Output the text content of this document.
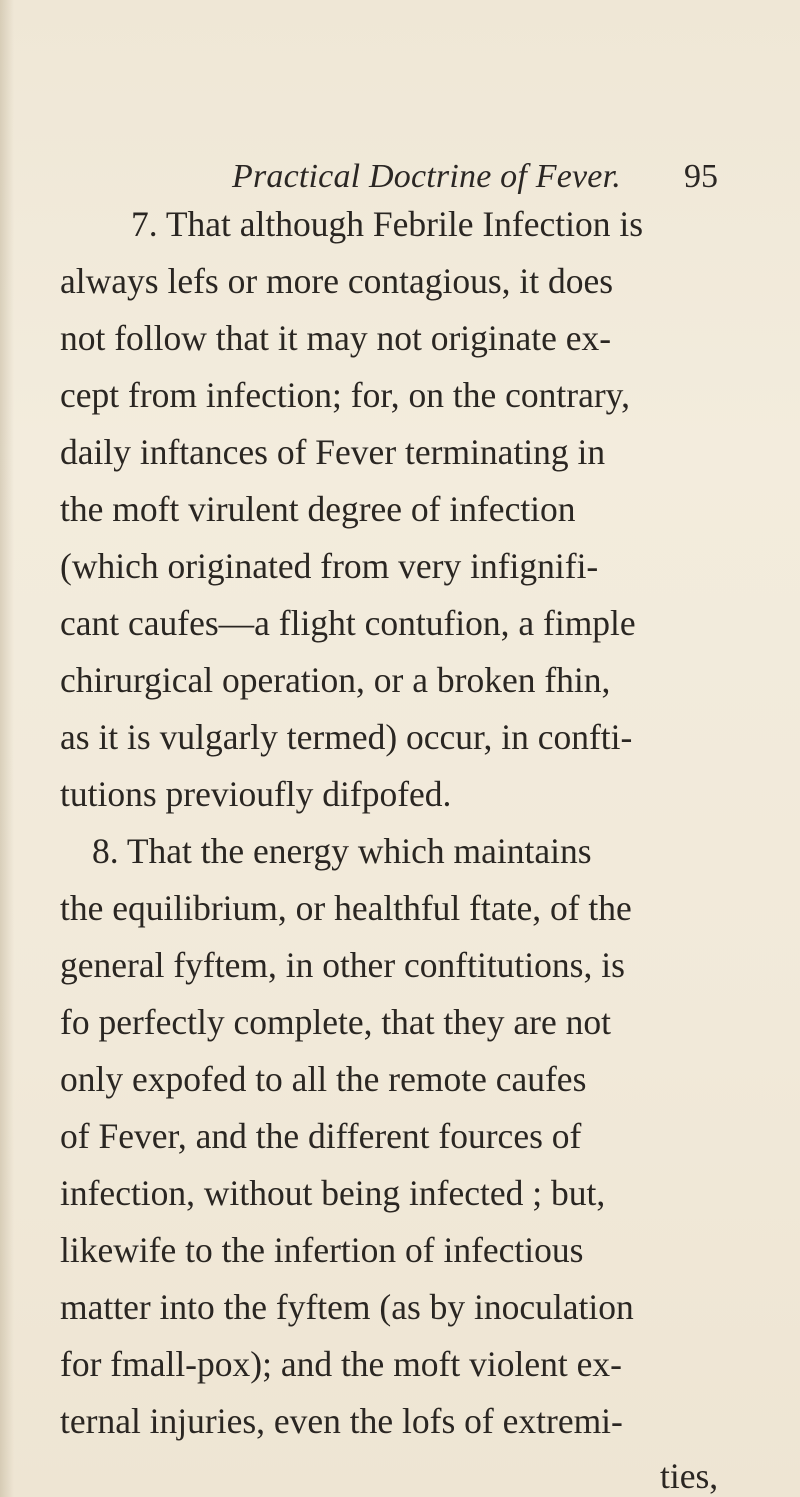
Practical Doctrine of Fever. 95
7. That although Febrile Infection is
always lefs or more contagious, it does
not follow that it may not originate ex-
cept from infection; for, on the contrary,
daily inftances of Fever terminating in
the moft virulent degree of infection
(which originated from very infignifi-
cant caufes—a flight contufion, a fimple
chirurgical operation, or a broken fhin,
as it is vulgarly termed) occur, in confti-
tutions previoufly difpofed.
8. That the energy which maintains
the equilibrium, or healthful ftate, of the
general fyftem, in other conftitutions, is
fo perfectly complete, that they are not
only expofed to all the remote caufes
of Fever, and the different fources of
infection, without being infected ; but,
likewife to the infertion of infectious
matter into the fyftem (as by inoculation
for fmall-pox); and the moft violent ex-
ternal injuries, even the lofs of extremi-
ties,
